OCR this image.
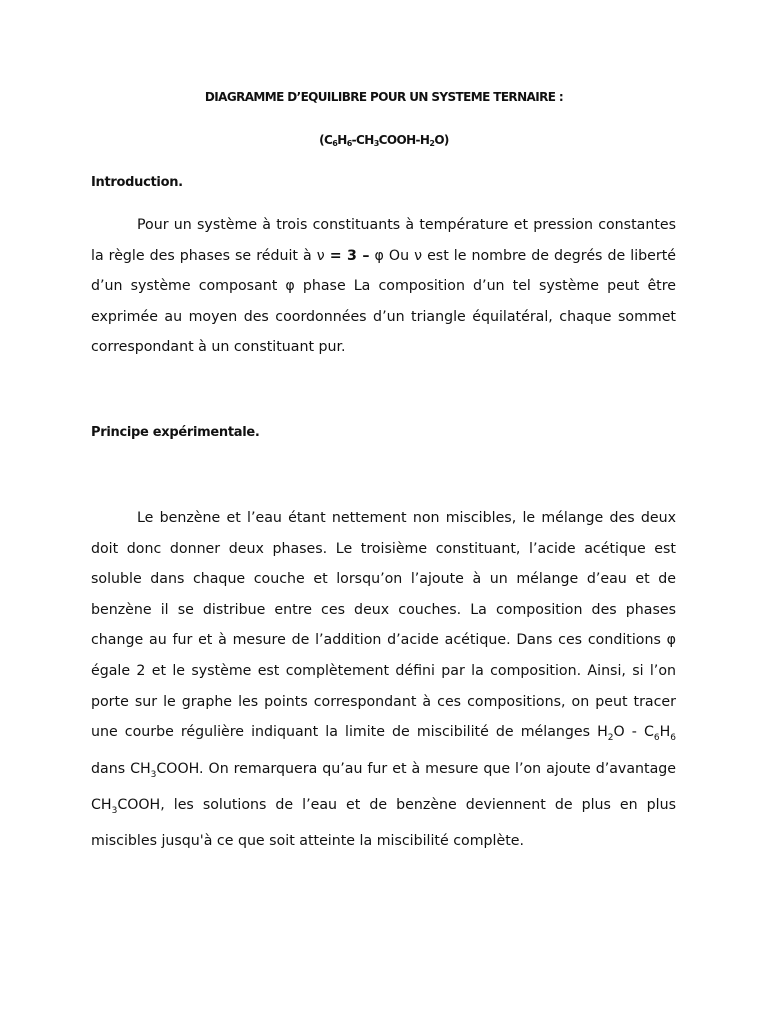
DIAGRAMME D’EQUILIBRE POUR UN SYSTEME TERNAIRE :
$(C_6H_6-CH_3COOH-H_2O)$
Introduction.

Pour un système à trois constituants à température et pression constantes la règle des phases se réduit à ν = 3 – φ Ou ν est le nombre de degrés de liberté d’un système composant φ phase La composition d’un tel système peut être exprimée au moyen des coordonnées d’un triangle équilatéral, chaque sommet correspondant à un constituant pur.

Principe expérimentale.

Le benzène et l’eau étant nettement non miscibles, le mélange des deux doit donc donner deux phases. Le troisième constituant, l’acide acétique est soluble dans chaque couche et lorsqu’on l’ajoute à un mélange d’eau et de benzène il se distribue entre ces deux couches. La composition des phases change au fur et à mesure de l’addition d’acide acétique. Dans ces conditions φ égale 2 et le système est complètement défini par la composition. Ainsi, si l’on porte sur le graphe les points correspondant à ces compositions, on peut tracer une courbe régulière indiquant la limite de miscibilité de mélanges $H_2O - C_6H_6$ dans $CH_3COOH$. On remarquera qu’au fur et à mesure que l’on ajoute d’avantage $CH_3COOH$, les solutions de l’eau et de benzène deviennent de plus en plus miscibles jusqu'à ce que soit atteinte la miscibilité complète.
